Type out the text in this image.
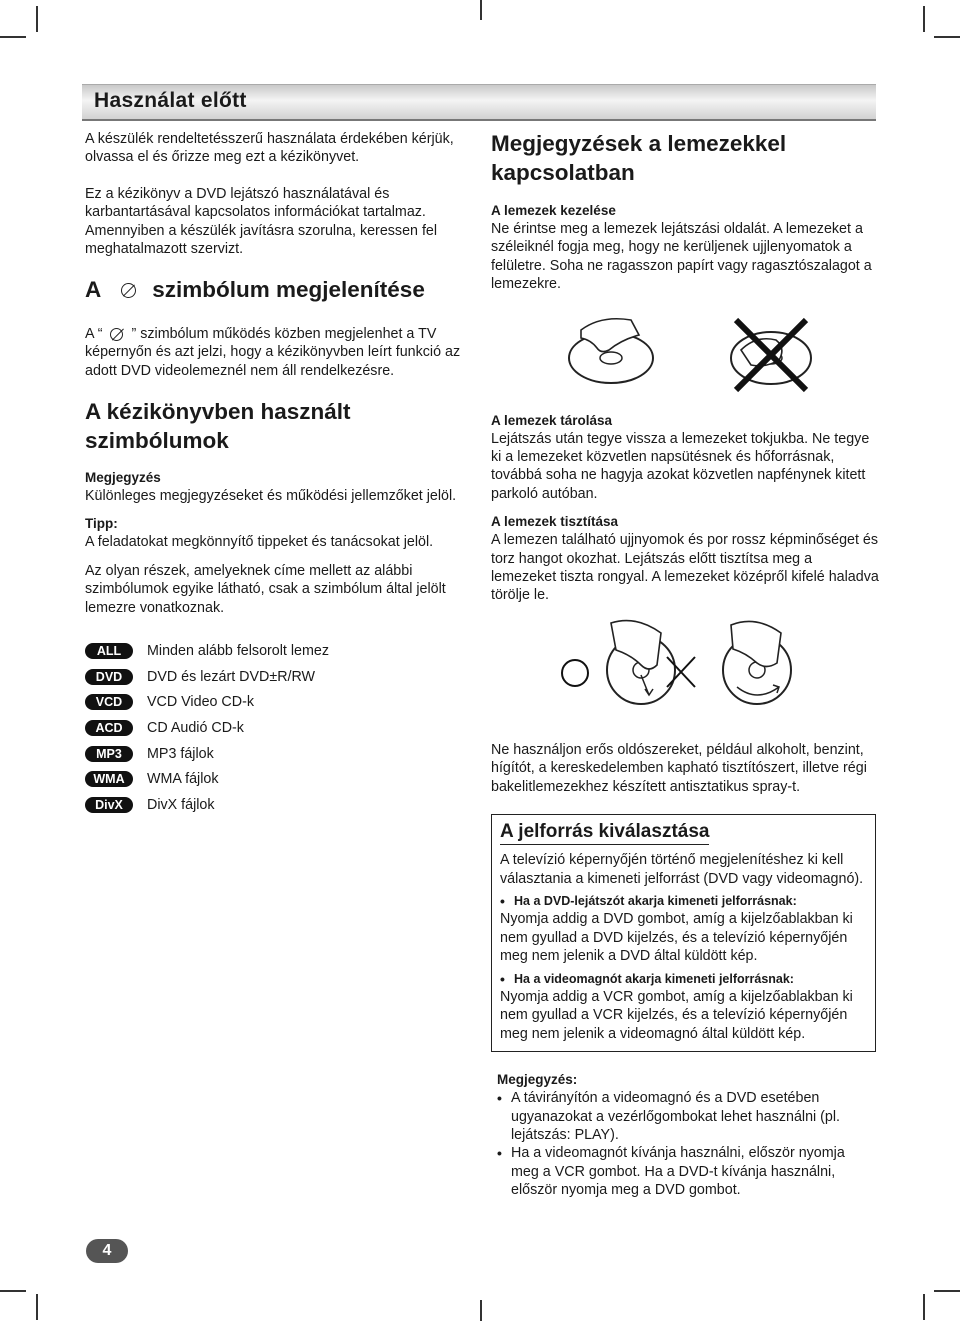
Használat előtt

A készülék rendeltetésszerű használata érdekében kérjük, olvassa el és őrizze meg ezt a kézikönyvet.

Ez a kézikönyv a DVD lejátszó használatával és karbantartásával kapcsolatos információkat tartalmaz. Amennyiben a készülék javításra szorulna, keressen fel meghatalmazott szervizt.

A szimbólum megjelenítése

A “ ” szimbólum működés közben megjelenhet a TV képernyőn és azt jelzi, hogy a kézikönyvben leírt funkció az adott DVD videolemeznél nem áll rendelkezésre.

A kézikönyvben használt szimbólumok
Megjegyzés

Különleges megjegyzéseket és működési jellemzőket jelöl.

Tipp:

A feladatokat megkönnyítő tippeket és tanácsokat jelöl.

Az olyan részek, amelyeknek címe mellett az alábbi szimbólumok egyike látható, csak a szimbólum által jelölt lemezre vonatkoznak.

ALL	Minden alább felsorolt lemez
DVD	DVD és lezárt DVD±R/RW
VCD	VCD Video CD-k
ACD	CD Audió CD-k
MP3	MP3 fájlok
WMA	WMA fájlok
DivX	DivX fájlok
Megjegyzések a lemezekkel kapcsolatban
A lemezek kezelése

Ne érintse meg a lemezek lejátszási oldalát. A lemezeket a széleiknél fogja meg, hogy ne kerüljenek ujjlenyomatok a felületre. Soha ne ragasszon papírt vagy ragasztószalagot a lemezekre.

A lemezek tárolása

Lejátszás után tegye vissza a lemezeket tokjukba. Ne tegye ki a lemezeket közvetlen napsütésnek és hőforrásnak, továbbá soha ne hagyja azokat közvetlen napfénynek kitett parkoló autóban.

A lemezek tisztítása

A lemezen található ujjnyomok és por rossz képminőséget és torz hangot okozhat. Lejátszás előtt tisztítsa meg a lemezeket tiszta rongyal. A lemezeket középről kifelé haladva törölje le.

Ne használjon erős oldószereket, például alkoholt, benzint, hígítót, a kereskedelemben kapható tisztítószert, illetve régi bakelitlemezekhez készített antisztatikus spray-t.

A jelforrás kiválasztása

A televízió képernyőjén történő megjelenítéshez ki kell választania a kimeneti jelforrást (DVD vagy videomagnó).

• Ha a DVD-lejátszót akarja kimeneti jelforrásnak:

Nyomja addig a DVD gombot, amíg a kijelzőablakban ki nem gyullad a DVD kijelzés, és a televízió képernyőjén meg nem jelenik a DVD által küldött kép.

• Ha a videomagnót akarja kimeneti jelforrásnak:

Nyomja addig a VCR gombot, amíg a kijelzőablakban ki nem gyullad a VCR kijelzés, és a televízió képernyőjén meg nem jelenik a videomagnó által küldött kép.

Megjegyzés:
• A távirányítón a videomagnó és a DVD esetében ugyanazokat a vezérlőgombokat lehet használni (pl. lejátszás: PLAY).

• Ha a videomagnót kívánja használni, először nyomja meg a VCR gombot. Ha a DVD-t kívánja használni, először nyomja meg a DVD gombot.

4
